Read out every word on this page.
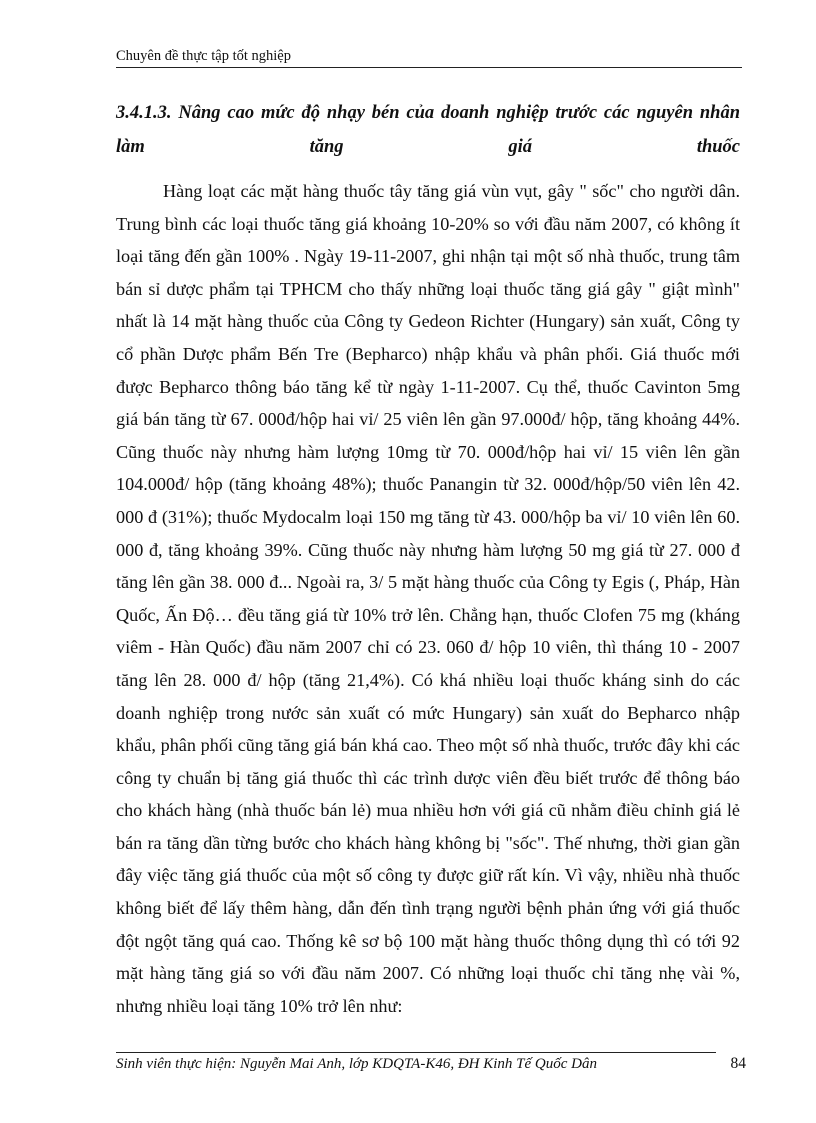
Chuyên đề thực tập tốt nghiệp
3.4.1.3. Nâng cao mức độ nhạy bén của doanh nghiệp trước các nguyên nhân làm tăng giá thuốc

Hàng loạt các mặt hàng thuốc tây tăng giá vùn vụt, gây " sốc" cho người dân. Trung bình các loại thuốc tăng giá khoảng 10-20% so với đầu năm 2007, có không ít loại tăng đến gần 100% . Ngày 19-11-2007, ghi nhận tại một số nhà thuốc, trung tâm bán sỉ dược phẩm tại TPHCM cho thấy những loại thuốc tăng giá gây " giật mình" nhất là 14 mặt hàng thuốc của Công ty Gedeon Richter (Hungary) sản xuất, Công ty cổ phần Dược phẩm Bến Tre (Bepharco) nhập khẩu và phân phối. Giá thuốc mới được Bepharco thông báo tăng kể từ ngày 1-11-2007. Cụ thể, thuốc Cavinton 5mg giá bán tăng từ 67. 000đ/hộp hai vỉ/ 25 viên lên gần 97.000đ/ hộp, tăng khoảng 44%. Cũng thuốc này nhưng hàm lượng 10mg từ 70. 000đ/hộp hai vỉ/ 15 viên lên gần 104.000đ/ hộp (tăng khoảng 48%); thuốc Panangin từ 32. 000đ/hộp/50 viên lên 42. 000 đ (31%); thuốc Mydocalm loại 150 mg tăng từ 43. 000/hộp ba vỉ/ 10 viên lên 60. 000 đ, tăng khoảng 39%. Cũng thuốc này nhưng hàm lượng 50 mg giá từ 27. 000 đ tăng lên gần 38. 000 đ... Ngoài ra, 3/ 5 mặt hàng thuốc của Công ty Egis (, Pháp, Hàn Quốc, Ấn Độ… đều tăng giá từ 10% trở lên. Chẳng hạn, thuốc Clofen 75 mg (kháng viêm - Hàn Quốc) đầu năm 2007 chỉ có 23. 060 đ/ hộp 10 viên, thì tháng 10 - 2007 tăng lên 28. 000 đ/ hộp (tăng 21,4%). Có khá nhiều loại thuốc kháng sinh do các doanh nghiệp trong nước sản xuất có mức Hungary) sản xuất do Bepharco nhập khẩu, phân phối cũng tăng giá bán khá cao. Theo một số nhà thuốc, trước đây khi các công ty chuẩn bị tăng giá thuốc thì các trình dược viên đều biết trước để thông báo cho khách hàng (nhà thuốc bán lẻ) mua nhiều hơn với giá cũ nhằm điều chỉnh giá lẻ bán ra tăng dần từng bước cho khách hàng không bị "sốc". Thế nhưng, thời gian gần đây việc tăng giá thuốc của một số công ty được giữ rất kín. Vì vậy, nhiều nhà thuốc không biết để lấy thêm hàng, dẫn đến tình trạng người bệnh phản ứng với giá thuốc đột ngột tăng quá cao. Thống kê sơ bộ 100 mặt hàng thuốc thông dụng thì có tới 92 mặt hàng tăng giá so với đầu năm 2007. Có những loại thuốc chỉ tăng nhẹ vài %, nhưng nhiều loại tăng 10% trở lên như:

Sinh viên thực hiện: Nguyễn Mai Anh, lớp KDQTA-K46, ĐH Kinh Tế Quốc Dân	84
